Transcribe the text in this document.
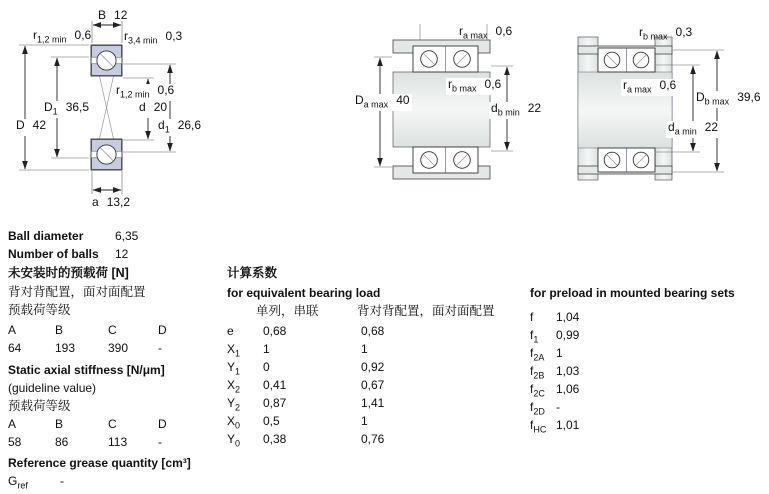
B 12
$r_{1,2 min}$ 0,6	$r_{3,4 min}$ 0,3
$D_1$ 36,5
D 42
$r_{1,2 min}$ 0,6
d 20
$d_1$ 26,6
a 13,2
$r_{a max}$ 0,6
$D_{a max}$ 40
$r_{b max}$ 0,6
$d_{b min}$ 22
$r_{b max}$ 0,3
$r_{a max}$ 0,6
$D_{b max}$ 39,6
$d_{a min}$ 22
Ball diameter	6,35
Number of balls 12
未安装时的预载荷 [N]
背对背配置，面对面配置
预载荷等级
A	B	C	D
64	193	390 -
Static axial stiffness [N/μm]
(guideline value)
预载荷等级
A	B	C	D
58	86	113	-
Reference grease quantity [cm³]
$G_{ref}$	-
计算系数
for equivalent bearing load
单列，串联	背对背配置，面对面配置
e 0,68	0,68
$X_1$ 1	1
$Y_1$ 0	0,92
$X_2$ 0,41	0,67
$Y_2$ 0,87	1,41
$X_0$ 0,5	1
$Y_0$ 0,38	0,76
for preload in mounted bearing sets
f 1,04
$f_1$ 0,99
$f_{2A}$ 1
$f_{2B}$ 1,03
$f_{2C}$ 1,06
$f_{2D}$ -
$f_{HC}$ 1,01
